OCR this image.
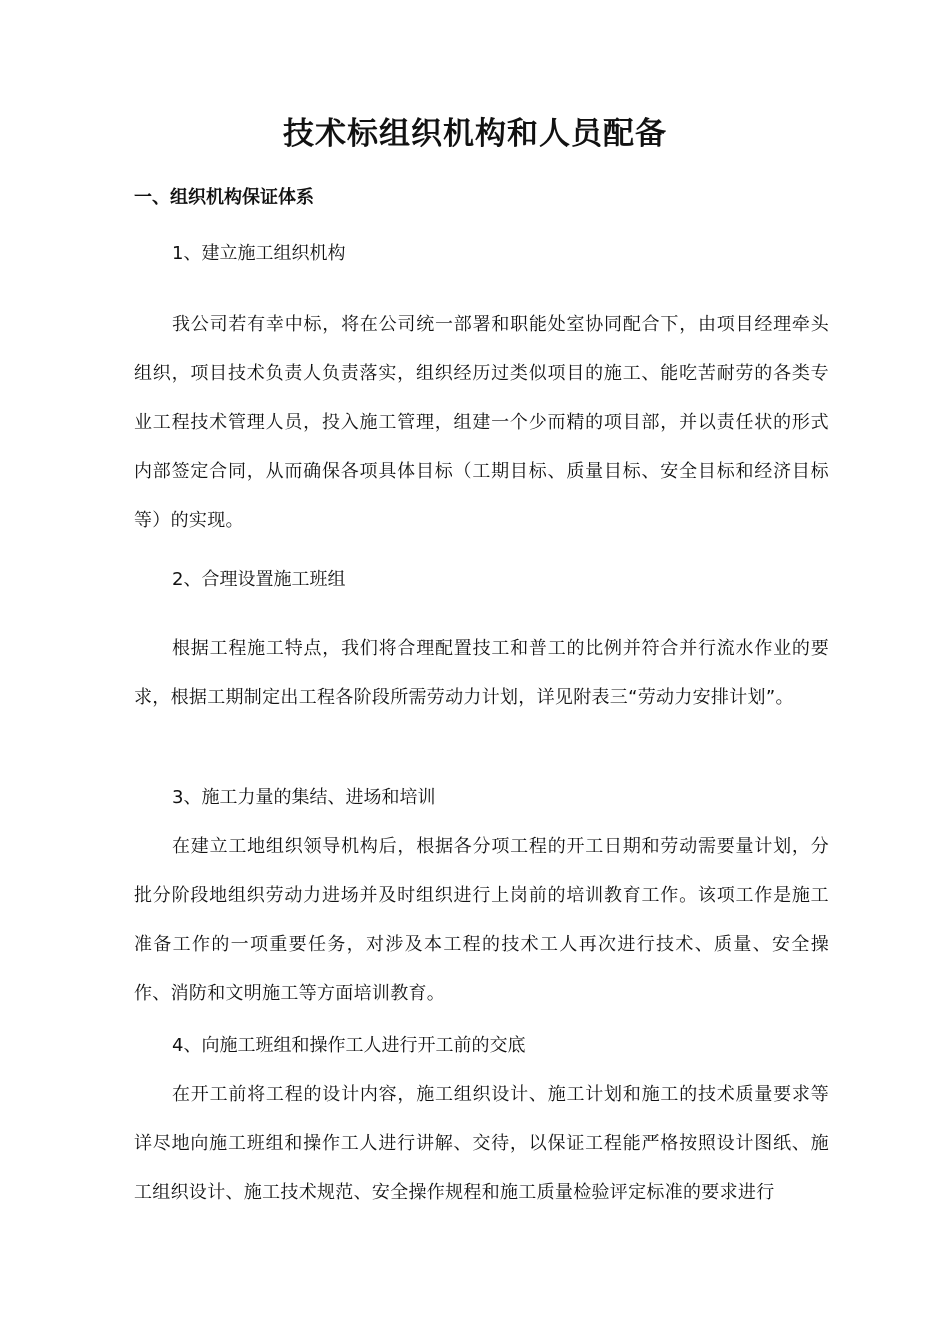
技术标组织机构和人员配备
一、组织机构保证体系
1、建立施工组织机构

我公司若有幸中标，将在公司统一部署和职能处室协同配合下，由项目经理牵头组织，项目技术负责人负责落实，组织经历过类似项目的施工、能吃苦耐劳的各类专业工程技术管理人员，投入施工管理，组建一个少而精的项目部，并以责任状的形式内部签定合同，从而确保各项具体目标（工期目标、质量目标、安全目标和经济目标等）的实现。

2、合理设置施工班组

根据工程施工特点，我们将合理配置技工和普工的比例并符合并行流水作业的要求，根据工期制定出工程各阶段所需劳动力计划，详见附表三“劳动力安排计划”。

3、施工力量的集结、进场和培训

在建立工地组织领导机构后，根据各分项工程的开工日期和劳动需要量计划，分批分阶段地组织劳动力进场并及时组织进行上岗前的培训教育工作。该项工作是施工准备工作的一项重要任务，对涉及本工程的技术工人再次进行技术、质量、安全操作、消防和文明施工等方面培训教育。

4、向施工班组和操作工人进行开工前的交底

在开工前将工程的设计内容，施工组织设计、施工计划和施工的技术质量要求等详尽地向施工班组和操作工人进行讲解、交待，以保证工程能严格按照设计图纸、施工组织设计、施工技术规范、安全操作规程和施工质量检验评定标准的要求进行
